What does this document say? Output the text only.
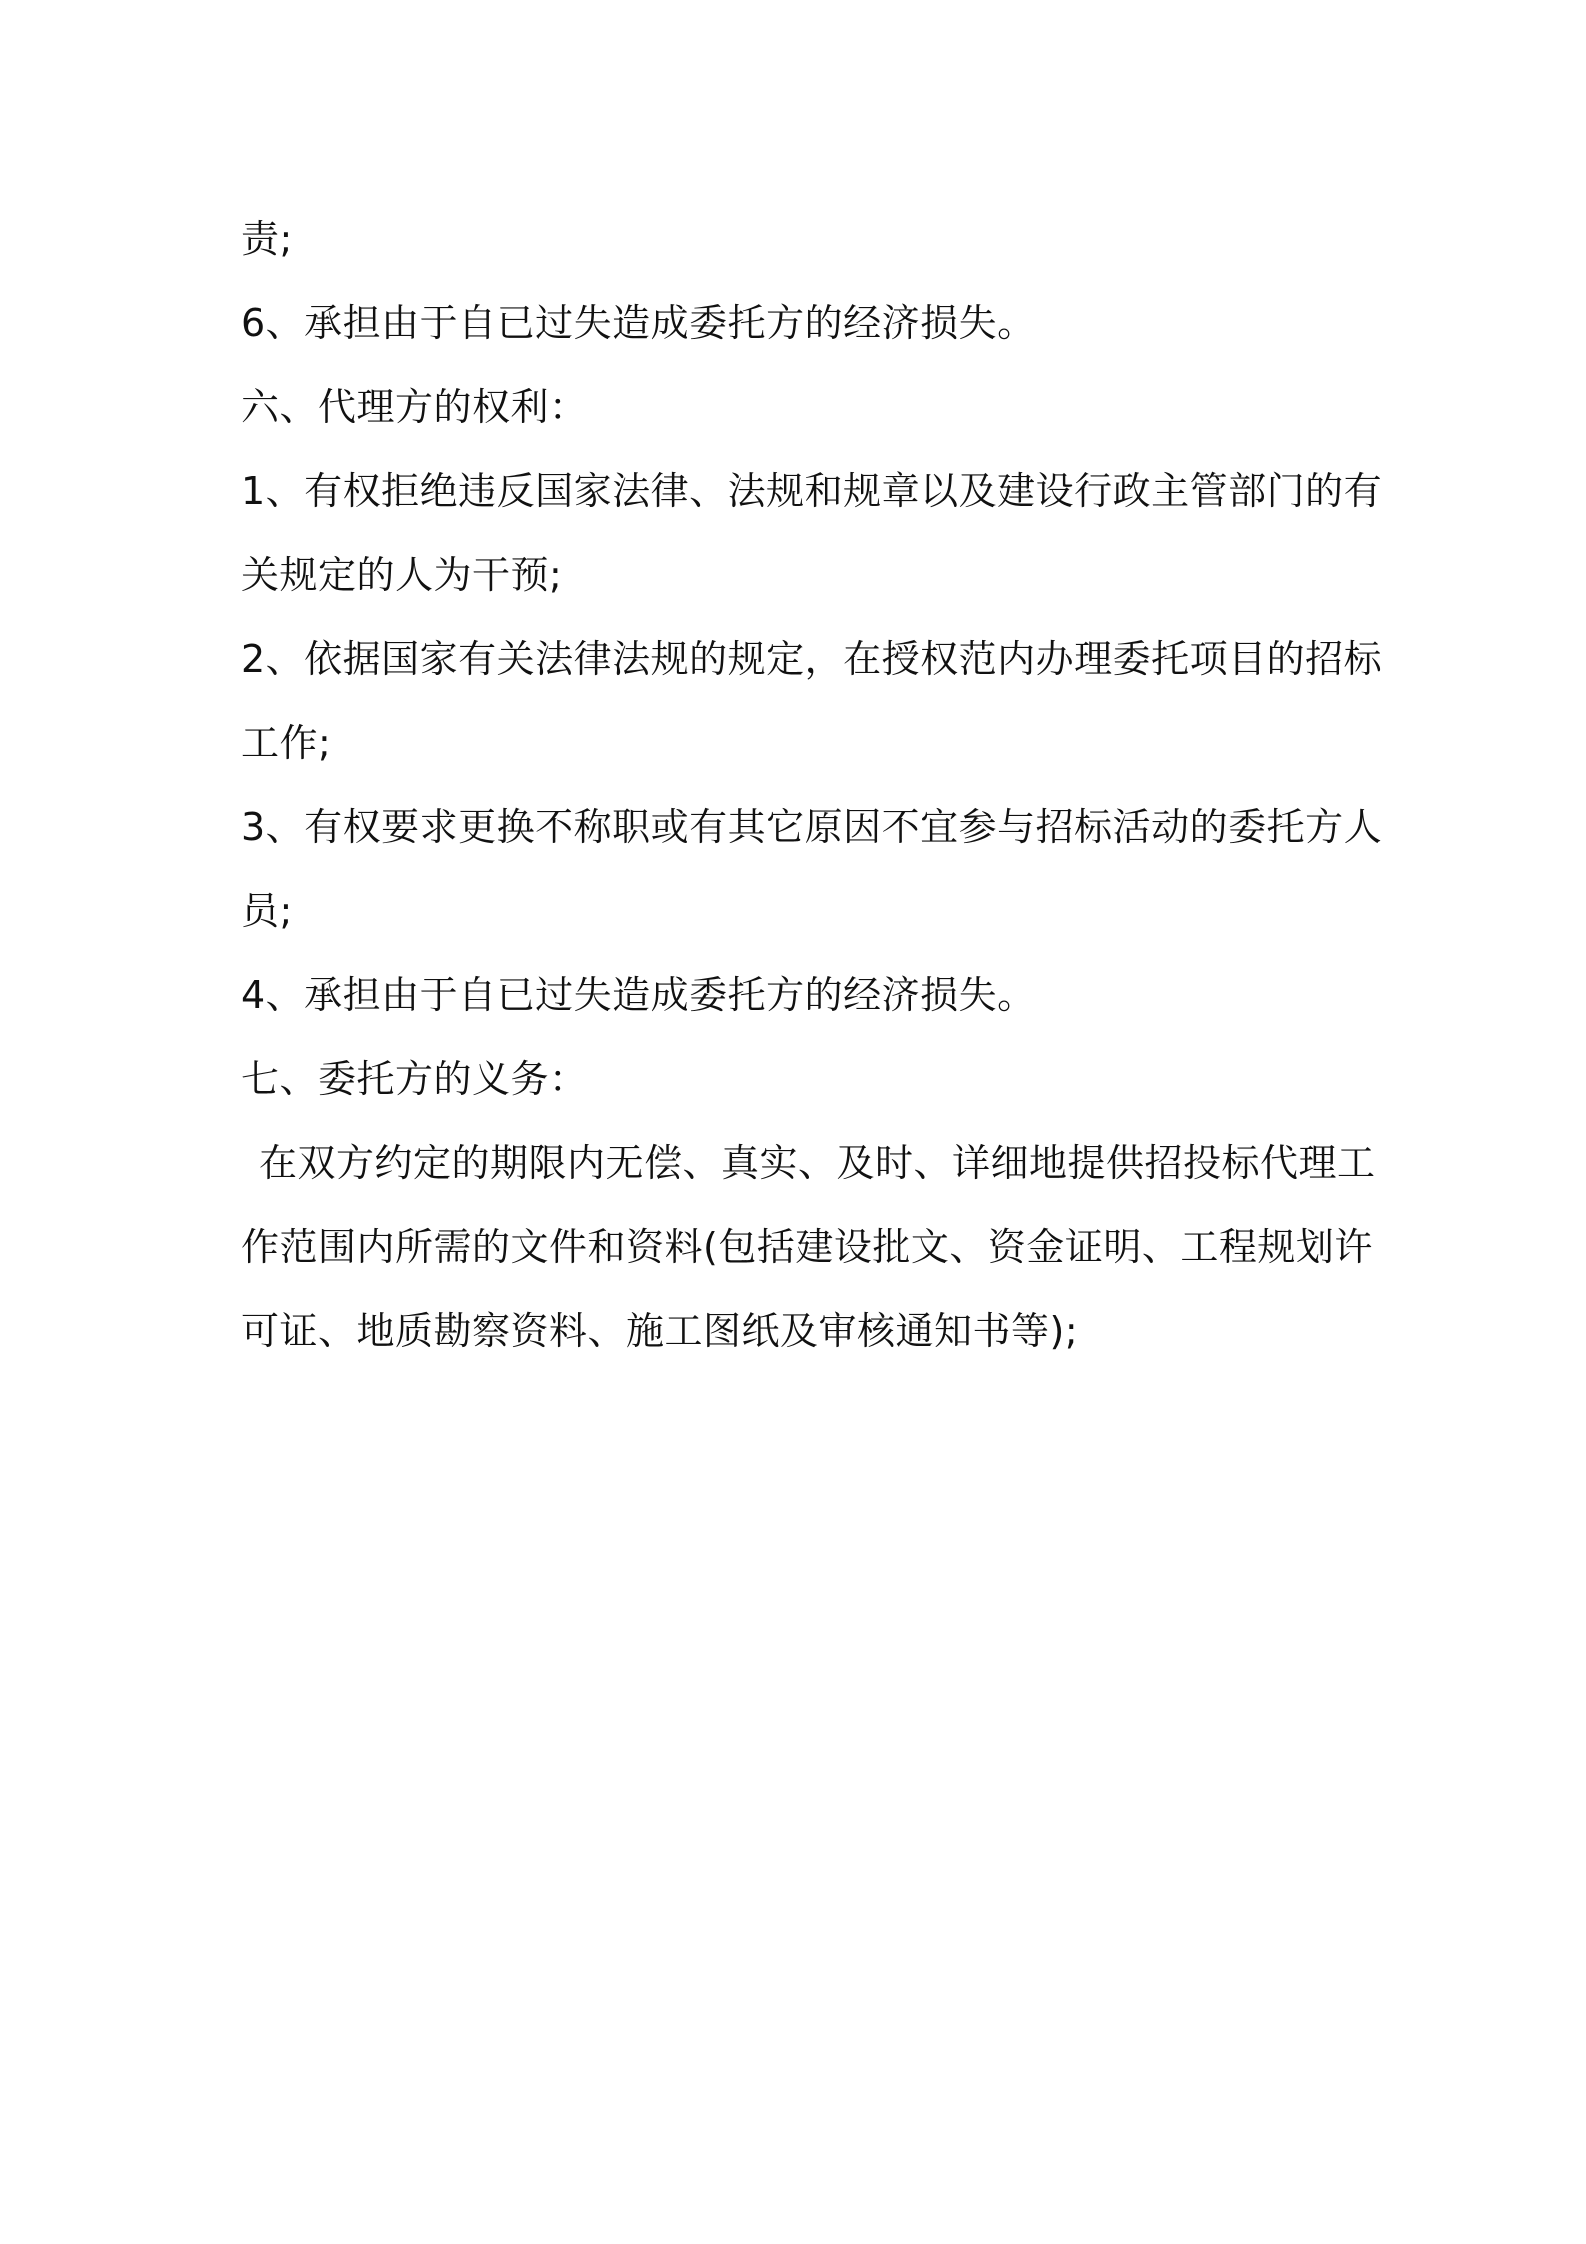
责;
6、承担由于自已过失造成委托方的经济损失。
六、代理方的权利：
1、有权拒绝违反国家法律、法规和规章以及建设行政主管部门的有
关规定的人为干预;
2、依据国家有关法律法规的规定，在授权范内办理委托项目的招标
工作;
3、有权要求更换不称职或有其它原因不宜参与招标活动的委托方人
员;
4、承担由于自已过失造成委托方的经济损失。
七、委托方的义务：
在双方约定的期限内无偿、真实、及时、详细地提供招投标代理工
作范围内所需的文件和资料(包括建设批文、资金证明、工程规划许
可证、地质勘察资料、施工图纸及审核通知书等);
